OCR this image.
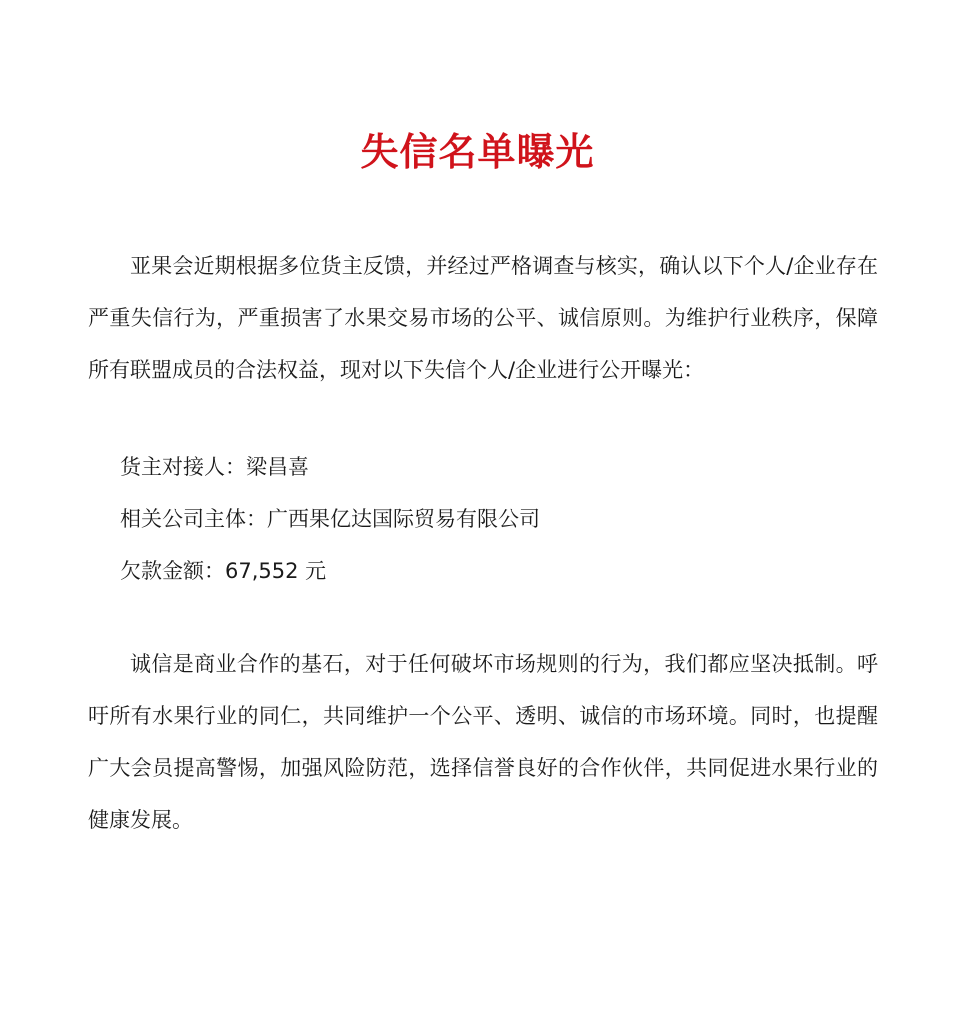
失信名单曝光

亚果会近期根据多位货主反馈，并经过严格调查与核实，确认以下个人/企业存在严重失信行为，严重损害了水果交易市场的公平、诚信原则。为维护行业秩序，保障所有联盟成员的合法权益，现对以下失信个人/企业进行公开曝光：

货主对接人：梁昌喜
相关公司主体：广西果亿达国际贸易有限公司
欠款金额：67,552 元

诚信是商业合作的基石，对于任何破坏市场规则的行为，我们都应坚决抵制。呼吁所有水果行业的同仁，共同维护一个公平、透明、诚信的市场环境。同时，也提醒广大会员提高警惕，加强风险防范，选择信誉良好的合作伙伴，共同促进水果行业的健康发展。
